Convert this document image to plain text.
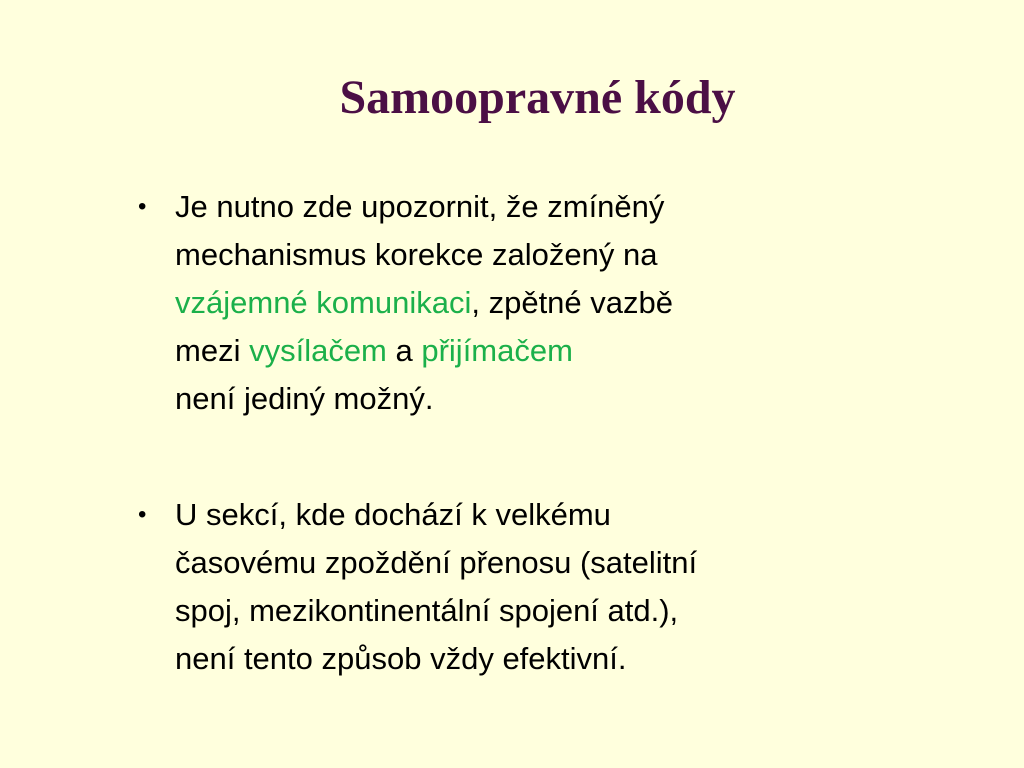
Samoopravné kódy
• Je nutno zde upozornit, že zmíněný
mechanismus korekce založený na
vzájemné komunikaci, zpětné vazbě
mezi vysílačem a přijímačem
není jediný možný.
• U sekcí, kde dochází k velkému
časovému zpoždění přenosu (satelitní
spoj, mezikontinentální spojení atd.),
není tento způsob vždy efektivní.
